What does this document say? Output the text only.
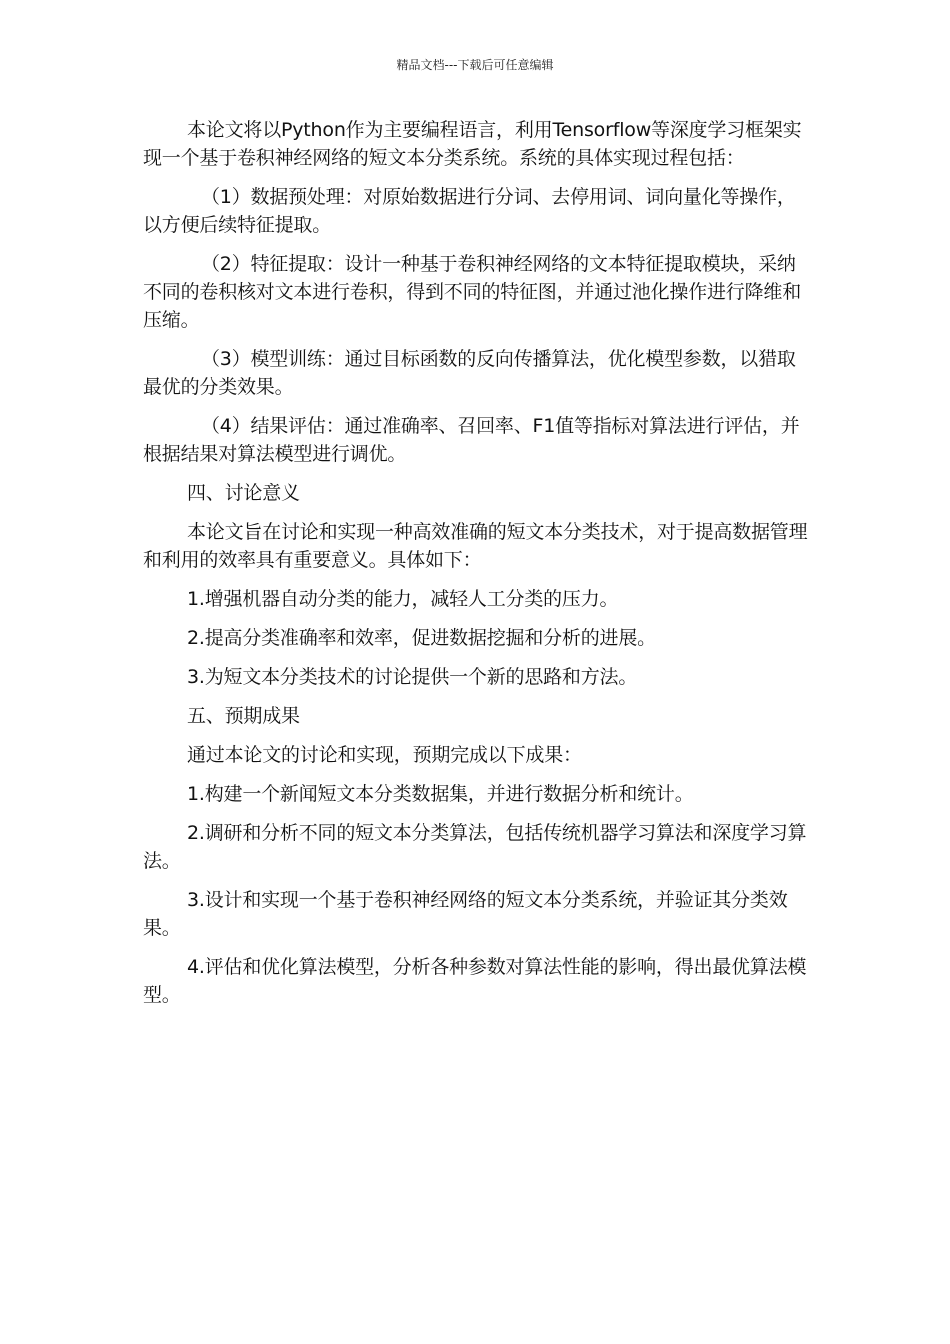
精品文档---下载后可任意编辑

本论文将以Python作为主要编程语言，利用Tensorflow等深度学习框架实现一个基于卷积神经网络的短文本分类系统。系统的具体实现过程包括：

（1）数据预处理：对原始数据进行分词、去停用词、词向量化等操作，以方便后续特征提取。

（2）特征提取：设计一种基于卷积神经网络的文本特征提取模块，采纳不同的卷积核对文本进行卷积，得到不同的特征图，并通过池化操作进行降维和压缩。

（3）模型训练：通过目标函数的反向传播算法，优化模型参数，以猎取最优的分类效果。

（4）结果评估：通过准确率、召回率、F1值等指标对算法进行评估，并根据结果对算法模型进行调优。

四、讨论意义

本论文旨在讨论和实现一种高效准确的短文本分类技术，对于提高数据管理和利用的效率具有重要意义。具体如下：

1.增强机器自动分类的能力，减轻人工分类的压力。

2.提高分类准确率和效率，促进数据挖掘和分析的进展。

3.为短文本分类技术的讨论提供一个新的思路和方法。

五、预期成果

通过本论文的讨论和实现，预期完成以下成果：

1.构建一个新闻短文本分类数据集，并进行数据分析和统计。

2.调研和分析不同的短文本分类算法，包括传统机器学习算法和深度学习算法。

3.设计和实现一个基于卷积神经网络的短文本分类系统，并验证其分类效果。

4.评估和优化算法模型，分析各种参数对算法性能的影响，得出最优算法模型。
